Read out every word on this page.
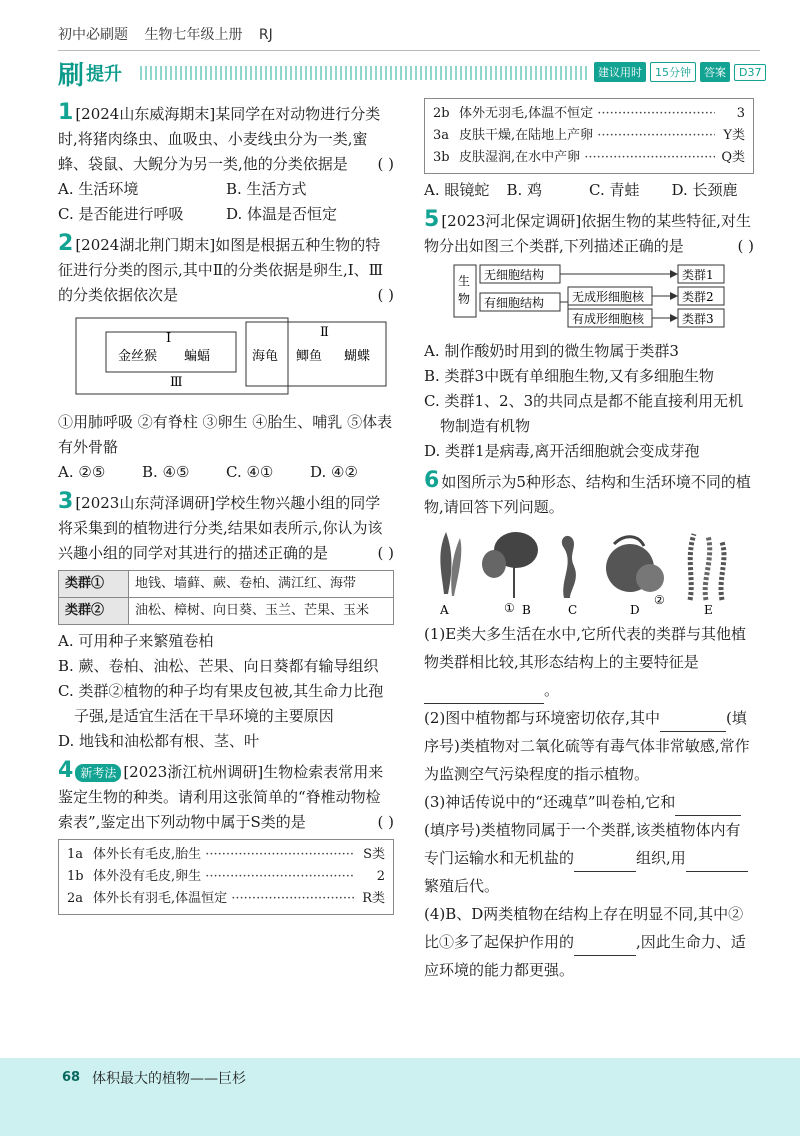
初中必刷题 生物七年级上册 RJ
刷 提升	建议用时	15分钟	答案	D37
1 [2024山东威海期末]某同学在对动物进行分类时,将猪肉绦虫、血吸虫、小麦线虫分为一类,蜜蜂、袋鼠、大鲵分为另一类,他的分类依据是 ( )
A. 生活环境	B. 生活方式
C. 是否能进行呼吸	D. 体温是否恒定
2 [2024湖北荆门期末]如图是根据五种生物的特征进行分类的图示,其中Ⅱ的分类依据是卵生,Ⅰ、Ⅲ的分类依据依次是	( )
Ⅰ	Ⅱ
Ⅲ
金丝猴 蝙蝠	海龟 鲫鱼 蝴蝶
①用肺呼吸 ②有脊柱 ③卵生 ④胎生、哺乳 ⑤体表有外骨骼
A. ②⑤	B. ④⑤	C. ④①	D. ④②
3 [2023山东菏泽调研]学校生物兴趣小组的同学将采集到的植物进行分类,结果如表所示,你认为该兴趣小组的同学对其进行的描述正确的是	( )
类群①	地钱、墙藓、蕨、卷柏、满江红、海带
类群②	油松、樟树、向日葵、玉兰、芒果、玉米
A. 可用种子来繁殖卷柏
B. 蕨、卷柏、油松、芒果、向日葵都有输导组织
C. 类群②植物的种子均有果皮包被,其生命力比孢子强,是适宜生活在干旱环境的主要原因
D. 地钱和油松都有根、茎、叶
4 新考法 [2023浙江杭州调研]生物检索表常用来鉴定生物的种类。请利用这张简单的“脊椎动物检索表”,鉴定出下列动物中属于S类的是	( )
1a 体外长有毛皮,胎生 ·····	S类
1b 体外没有毛皮,卵生 ·····	2
2a 体外长有羽毛,体温恒定 ·····	R类
2b 体外无羽毛,体温不恒定 ·····	3
3a 皮肤干燥,在陆地上产卵 ·····	Y类
3b 皮肤湿润,在水中产卵 ·····	Q类
A. 眼镜蛇	B. 鸡	C. 青蛙	D. 长颈鹿
5 [2023河北保定调研]依据生物的某些特征,对生物分出如图三个类群,下列描述正确的是	( )
生
物
无细胞结构
有细胞结构 无成形细胞核
有成形细胞核
类群1
类群2
类群3
A. 制作酸奶时用到的微生物属于类群3
B. 类群3中既有单细胞生物,又有多细胞生物
C. 类群1、2、3的共同点是都不能直接利用无机物制造有机物
D. 类群1是病毒,离开活细胞就会变成芽孢
6 如图所示为5种形态、结构和生活环境不同的植物,请回答下列问题。
A	① B	C
②
D	E
(1)E类大多生活在水中,它所代表的类群与其他植物类群相比较,其形态结构上的主要特征是。
(2)图中植物都与环境密切依存,其中	(填序号)类植物对二氧化硫等有毒气体非常敏感,常作为监测空气污染程度的指示植物。
(3)神话传说中的“还魂草”叫卷柏,它和(填序号)类植物同属于一个类群,该类植物体内有专门运输水和无机盐的	组织,用繁殖后代。
(4)B、D两类植物在结构上存在明显不同,其中②比①多了起保护作用的	,因此生命力、适应环境的能力都更强。
68 体积最大的植物——巨杉
